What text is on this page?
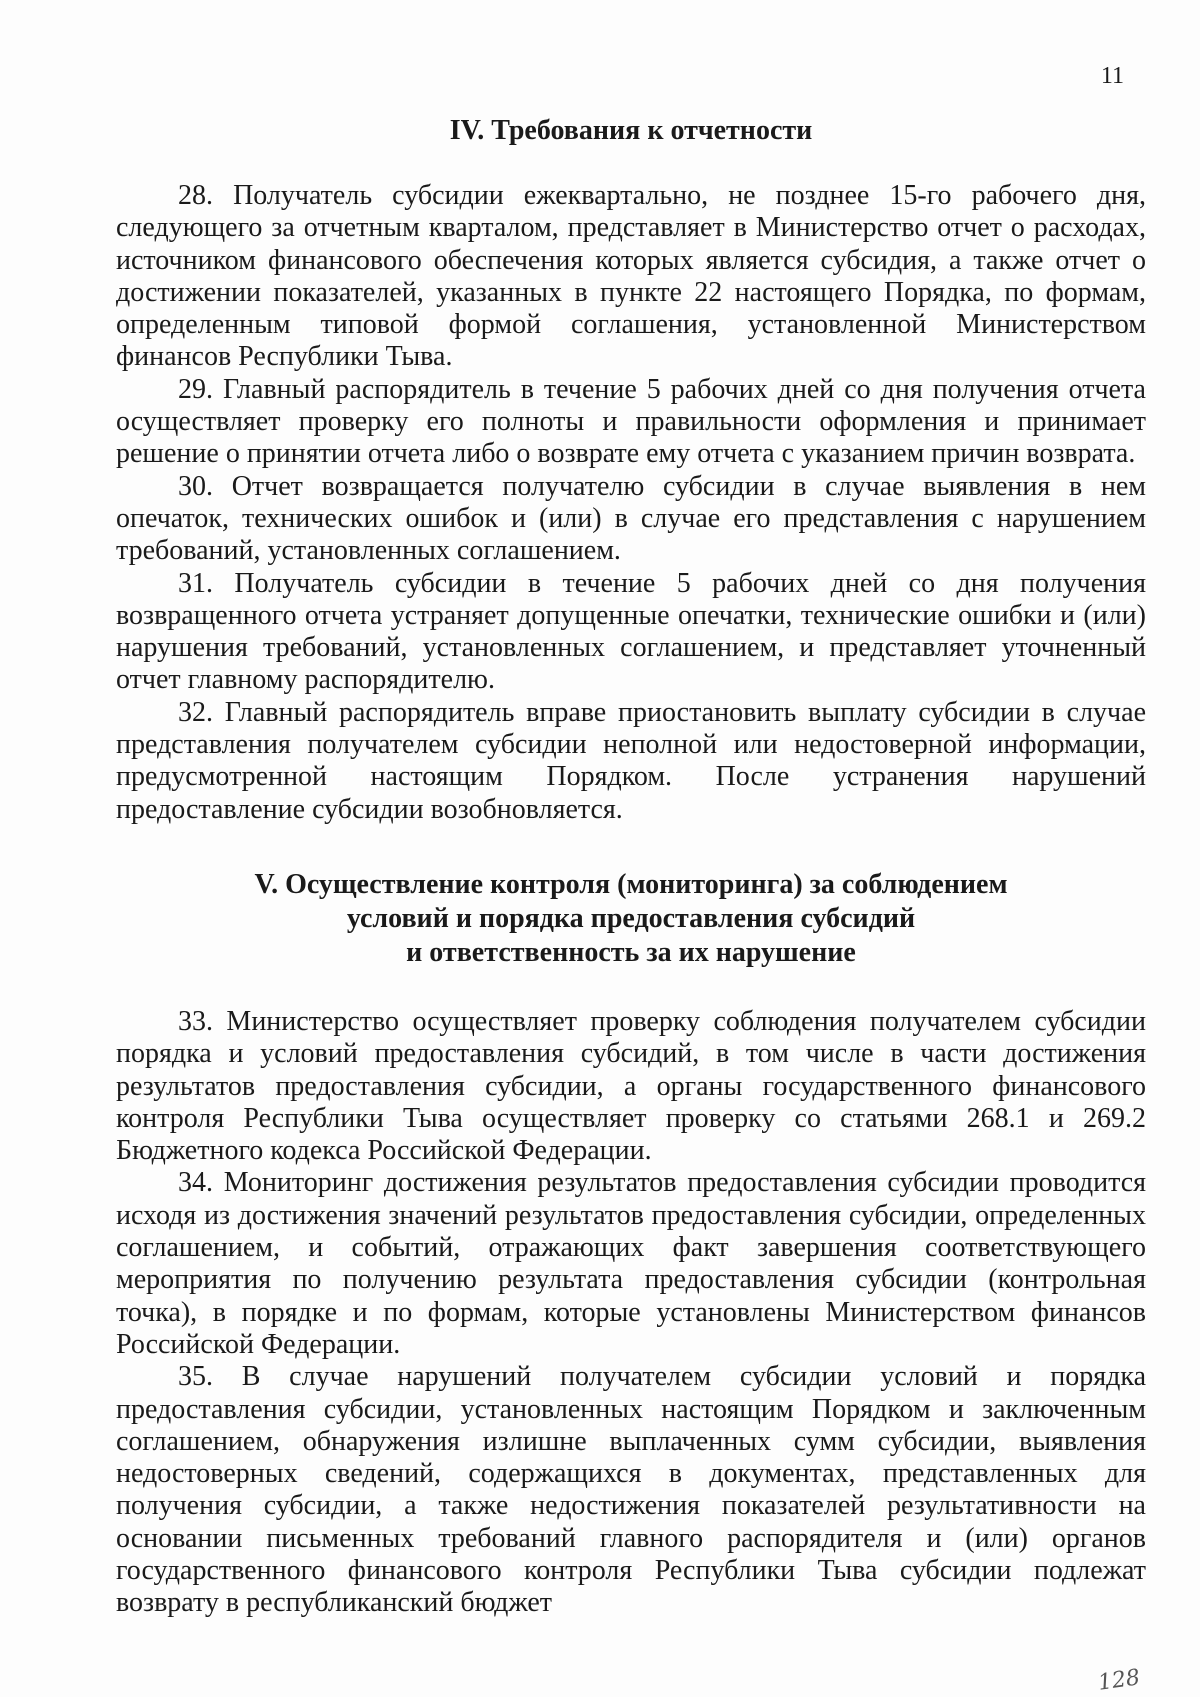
11
IV. Требования к отчетности

28. Получатель субсидии ежеквартально, не позднее 15-го рабочего дня, следующего за отчетным кварталом, представляет в Министерство отчет о расходах, источником финансового обеспечения которых является субсидия, а также отчет о достижении показателей, указанных в пункте 22 настоящего Порядка, по формам, определенным типовой формой соглашения, установленной Министерством финансов Республики Тыва.

29. Главный распорядитель в течение 5 рабочих дней со дня получения отчета осуществляет проверку его полноты и правильности оформления и принимает решение о принятии отчета либо о возврате ему отчета с указанием причин возврата.

30. Отчет возвращается получателю субсидии в случае выявления в нем опечаток, технических ошибок и (или) в случае его представления с нарушением требований, установленных соглашением.

31. Получатель субсидии в течение 5 рабочих дней со дня получения возвращенного отчета устраняет допущенные опечатки, технические ошибки и (или) нарушения требований, установленных соглашением, и представляет уточненный отчет главному распорядителю.

32. Главный распорядитель вправе приостановить выплату субсидии в случае представления получателем субсидии неполной или недостоверной информации, предусмотренной настоящим Порядком. После устранения нарушений предоставление субсидии возобновляется.

V. Осуществление контроля (мониторинга) за соблюдением
условий и порядка предоставления субсидий
и ответственность за их нарушение

33. Министерство осуществляет проверку соблюдения получателем субсидии порядка и условий предоставления субсидий, в том числе в части достижения результатов предоставления субсидии, а органы государственного финансового контроля Республики Тыва осуществляет проверку со статьями 268.1 и 269.2 Бюджетного кодекса Российской Федерации.

34. Мониторинг достижения результатов предоставления субсидии проводится исходя из достижения значений результатов предоставления субсидии, определенных соглашением, и событий, отражающих факт завершения соответствующего мероприятия по получению результата предоставления субсидии (контрольная точка), в порядке и по формам, которые установлены Министерством финансов Российской Федерации.

35. В случае нарушений получателем субсидии условий и порядка предоставления субсидии, установленных настоящим Порядком и заключенным соглашением, обнаружения излишне выплаченных сумм субсидии, выявления недостоверных сведений, содержащихся в документах, представленных для получения субсидии, а также недостижения показателей результативности на основании письменных требований главного распорядителя и (или) органов государственного финансового контроля Республики Тыва субсидии подлежат возврату в республиканский бюджет

128
